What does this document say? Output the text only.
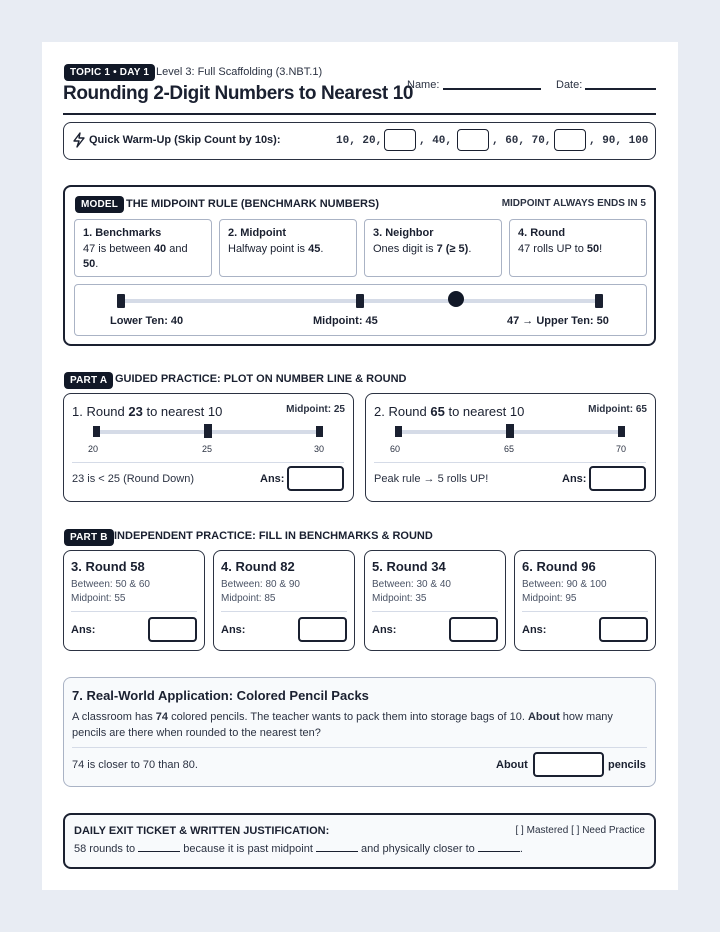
TOPIC 1 • DAY 1 Level 3: Full Scaffolding (3.NBT.1)
Rounding 2-Digit Numbers to Nearest 10
Name:	Date:
Quick Warm-Up (Skip Count by 10s):	10, 20,	, 40,	, 60, 70,	, 90, 100
MODEL THE MIDPOINT RULE (BENCHMARK NUMBERS)	MIDPOINT ALWAYS ENDS IN 5
1. Benchmarks
47 is between 40 and
50.
2. Midpoint
Halfway point is 45.
3. Neighbor
Ones digit is 7 (≥ 5).
4. Round
47 rolls UP to 50!
Lower Ten: 40	Midpoint: 45	47 → Upper Ten: 50
PART A GUIDED PRACTICE: PLOT ON NUMBER LINE & ROUND
1. Round 23 to nearest 10	Midpoint: 25
20	25	30
23 is < 25 (Round Down)	Ans:
2. Round 65 to nearest 10	Midpoint: 65
60	65	70
Peak rule → 5 rolls UP!	Ans:
PART B INDEPENDENT PRACTICE: FILL IN BENCHMARKS & ROUND
3. Round 58
Between: 50 & 60
Midpoint: 55
Ans:
4. Round 82
Between: 80 & 90
Midpoint: 85
Ans:
5. Round 34
Between: 30 & 40
Midpoint: 35
Ans:
6. Round 96
Between: 90 & 100
Midpoint: 95
Ans:
7. Real-World Application: Colored Pencil Packs
A classroom has 74 colored pencils. The teacher wants to pack them into storage bags of 10. About how many
pencils are there when rounded to the nearest ten?
74 is closer to 70 than 80.	About	pencils
DAILY EXIT TICKET & WRITTEN JUSTIFICATION:	[ ] Mastered [ ] Need Practice
58 rounds to	because it is past midpoint	and physically closer to	.
